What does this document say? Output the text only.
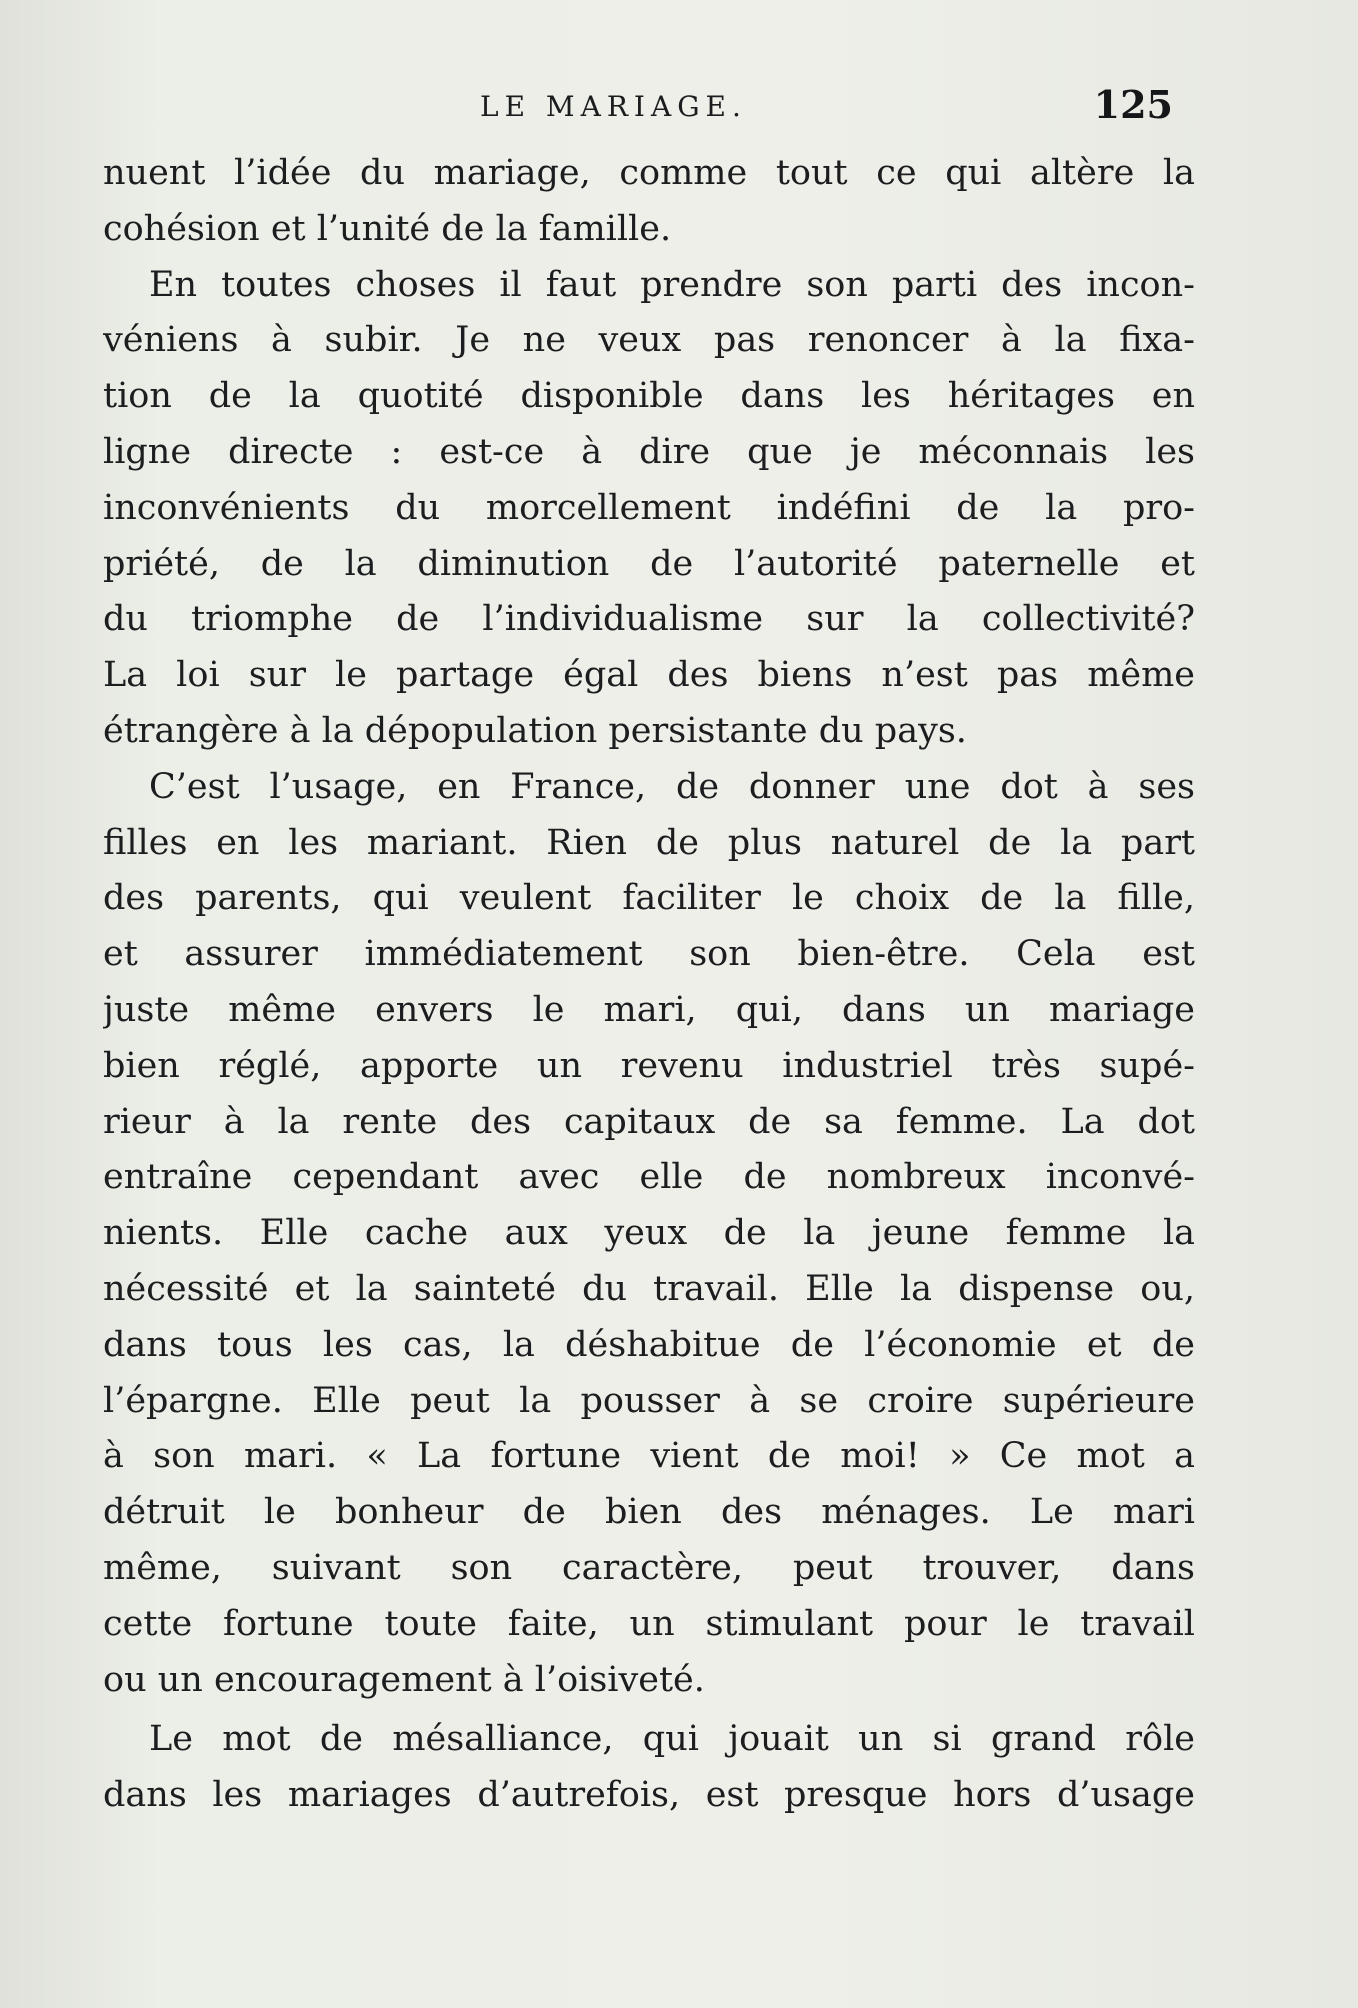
LE MARIAGE.	125

nuent l’idée du mariage, comme tout ce qui altère la
cohésion et l’unité de la famille.

En toutes choses il faut prendre son parti des incon-
véniens à subir. Je ne veux pas renoncer à la fixa-
tion de la quotité disponible dans les héritages en
ligne directe : est-ce à dire que je méconnais les
inconvénients du morcellement indéfini de la pro-
priété, de la diminution de l’autorité paternelle et
du triomphe de l’individualisme sur la collectivité?
La loi sur le partage égal des biens n’est pas même
étrangère à la dépopulation persistante du pays.

C’est l’usage, en France, de donner une dot à ses
filles en les mariant. Rien de plus naturel de la part
des parents, qui veulent faciliter le choix de la fille,
et assurer immédiatement son bien-être. Cela est
juste même envers le mari, qui, dans un mariage
bien réglé, apporte un revenu industriel très supé-
rieur à la rente des capitaux de sa femme. La dot
entraîne cependant avec elle de nombreux inconvé-
nients. Elle cache aux yeux de la jeune femme la
nécessité et la sainteté du travail. Elle la dispense ou,
dans tous les cas, la déshabitue de l’économie et de
l’épargne. Elle peut la pousser à se croire supérieure
à son mari. « La fortune vient de moi! » Ce mot a
détruit le bonheur de bien des ménages. Le mari
même, suivant son caractère, peut trouver, dans
cette fortune toute faite, un stimulant pour le travail
ou un encouragement à l’oisiveté.

Le mot de mésalliance, qui jouait un si grand rôle
dans les mariages d’autrefois, est presque hors d’usage
